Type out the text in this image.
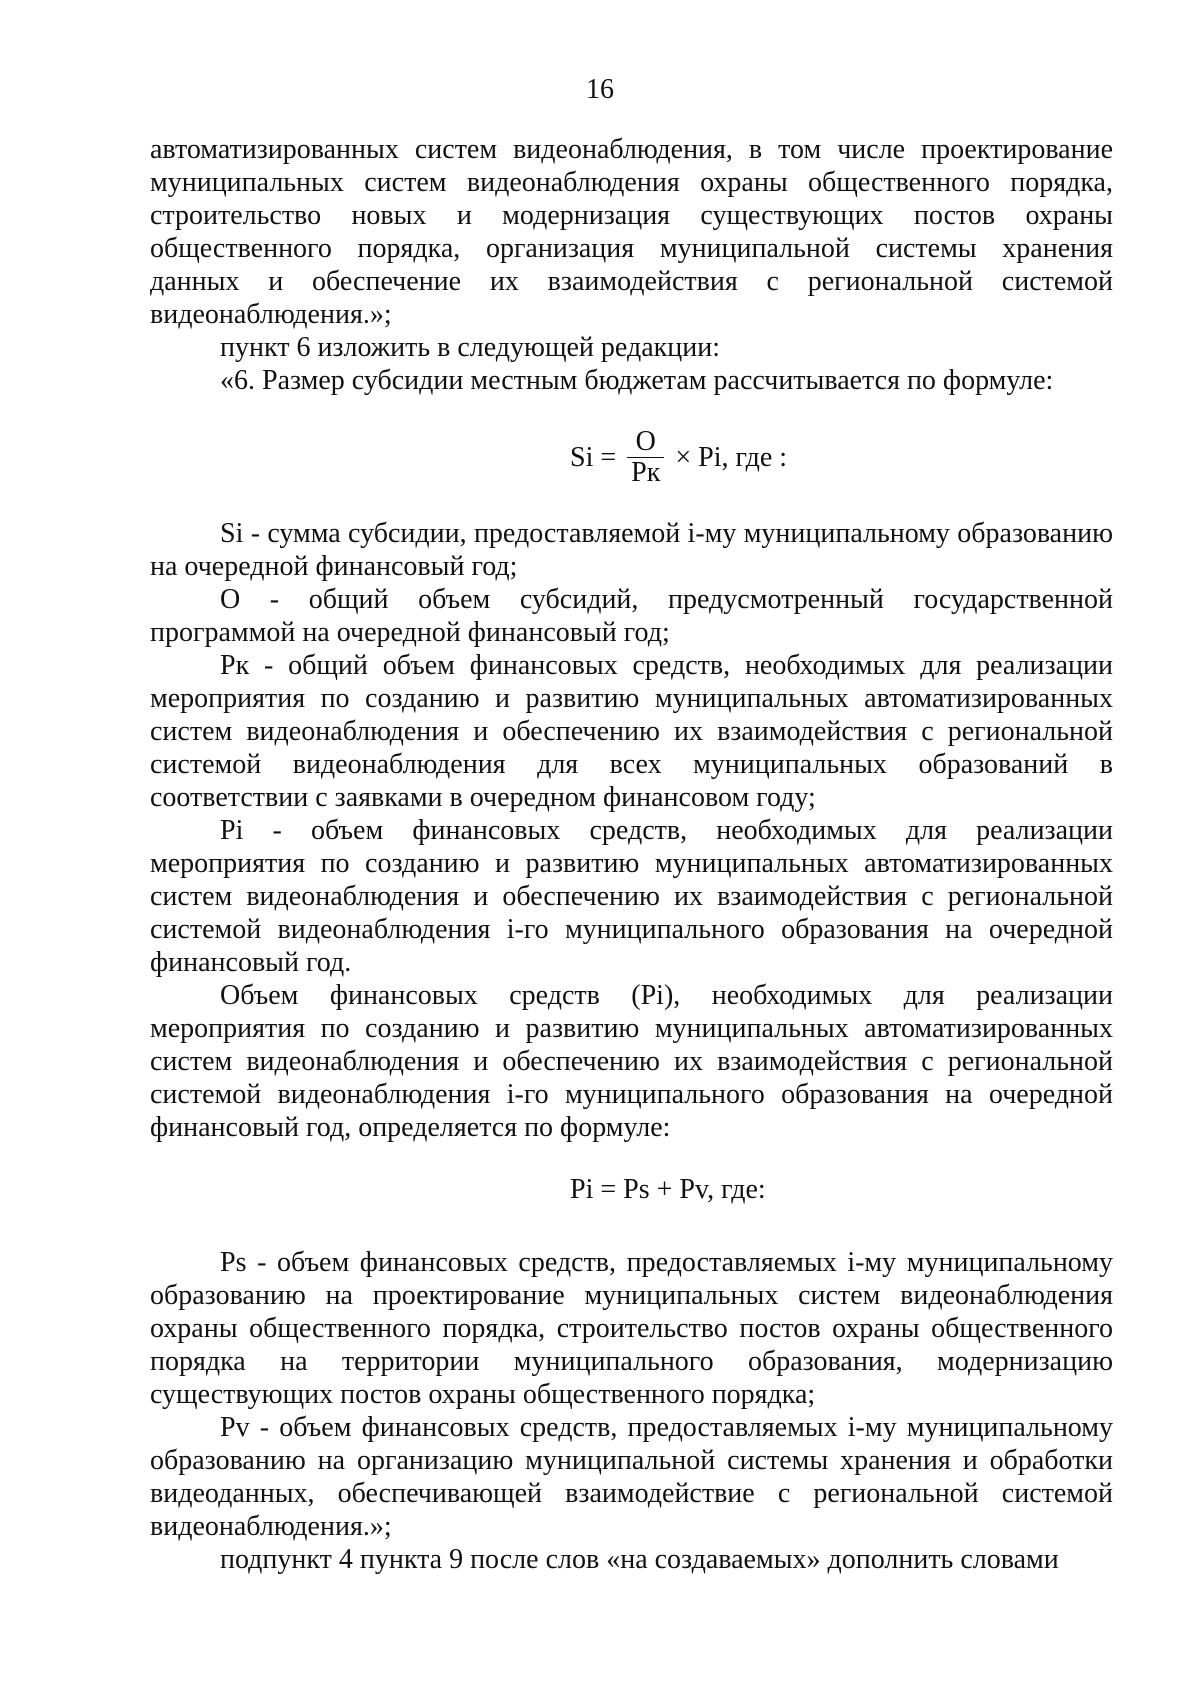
16

автоматизированных систем видеонаблюдения, в том числе проектирование муниципальных систем видеонаблюдения охраны общественного порядка, строительство новых и модернизация существующих постов охраны общественного порядка, организация муниципальной системы хранения данных и обеспечение их взаимодействия с региональной системой видеонаблюдения.»;

пункт 6 изложить в следующей редакции:

«6. Размер субсидии местным бюджетам рассчитывается по формуле:

$Si = \frac{O}{Pк} \times Pi$, где :

Si - сумма субсидии, предоставляемой i-му муниципальному образованию на очередной финансовый год;

O - общий объем субсидий, предусмотренный государственной программой на очередной финансовый год;

Pк - общий объем финансовых средств, необходимых для реализации мероприятия по созданию и развитию муниципальных автоматизированных систем видеонаблюдения и обеспечению их взаимодействия с региональной системой видеонаблюдения для всех муниципальных образований в соответствии с заявками в очередном финансовом году;

Pi - объем финансовых средств, необходимых для реализации мероприятия по созданию и развитию муниципальных автоматизированных систем видеонаблюдения и обеспечению их взаимодействия с региональной системой видеонаблюдения i-го муниципального образования на очередной финансовый год.

Объем финансовых средств (Pi), необходимых для реализации мероприятия по созданию и развитию муниципальных автоматизированных систем видеонаблюдения и обеспечению их взаимодействия с региональной системой видеонаблюдения i-го муниципального образования на очередной финансовый год, определяется по формуле:

Pi = Ps + Pv, где:

Ps - объем финансовых средств, предоставляемых i-му муниципальному образованию на проектирование муниципальных систем видеонаблюдения охраны общественного порядка, строительство постов охраны общественного порядка на территории муниципального образования, модернизацию существующих постов охраны общественного порядка;

Pv - объем финансовых средств, предоставляемых i-му муниципальному образованию на организацию муниципальной системы хранения и обработки видеоданных, обеспечивающей взаимодействие с региональной системой видеонаблюдения.»;

подпункт 4 пункта 9 после слов «на создаваемых» дополнить словами
